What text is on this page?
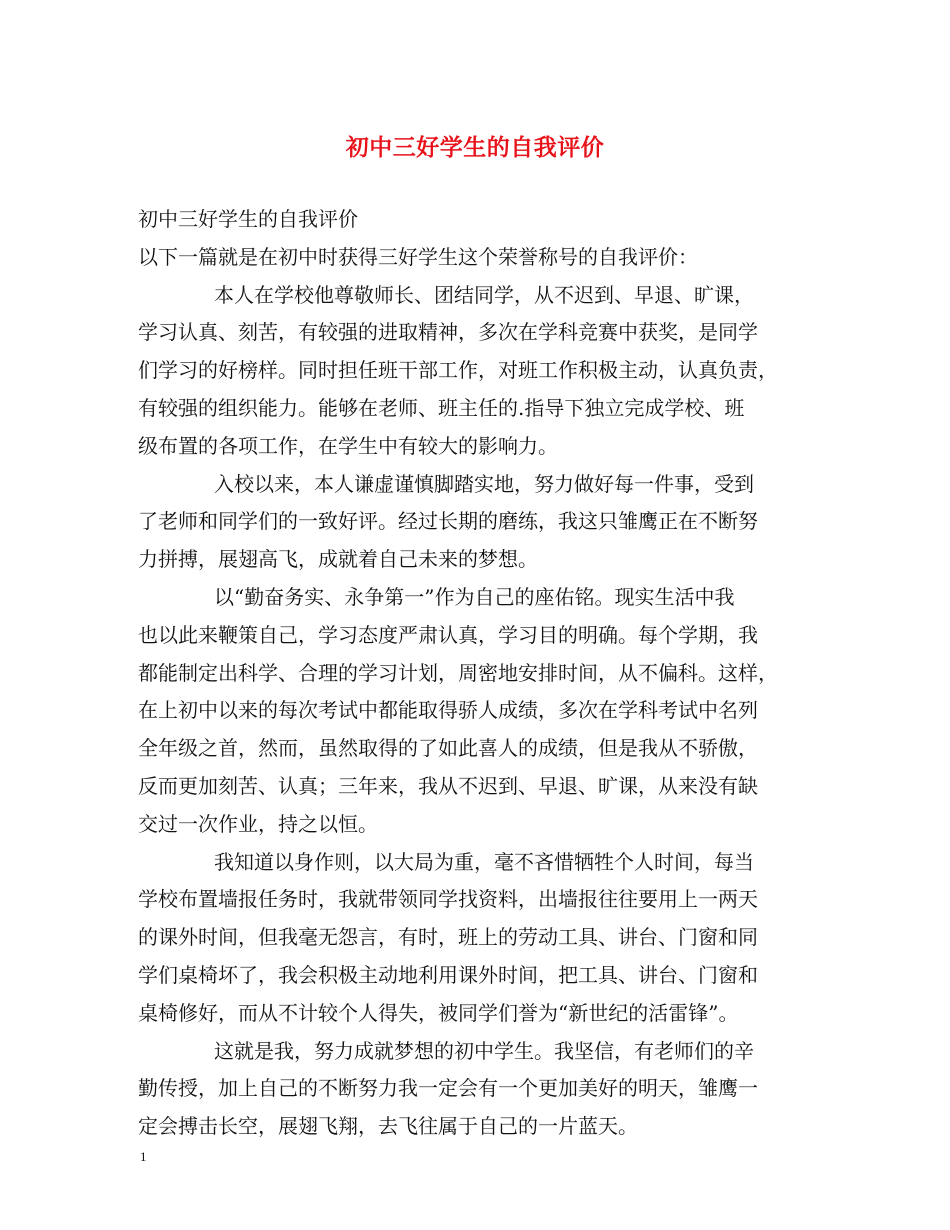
初中三好学生的自我评价
初中三好学生的自我评价
以下一篇就是在初中时获得三好学生这个荣誉称号的自我评价：
本人在学校他尊敬师长、团结同学，从不迟到、早退、旷课，
学习认真、刻苦，有较强的进取精神，多次在学科竞赛中获奖，是同学
们学习的好榜样。同时担任班干部工作，对班工作积极主动，认真负责，
有较强的组织能力。能够在老师、班主任的.指导下独立完成学校、班
级布置的各项工作，在学生中有较大的影响力。
入校以来，本人谦虚谨慎脚踏实地，努力做好每一件事，受到
了老师和同学们的一致好评。经过长期的磨练，我这只雏鹰正在不断努
力拼搏，展翅高飞，成就着自己未来的梦想。
以“勤奋务实、永争第一”作为自己的座佑铭。现实生活中我
也以此来鞭策自己，学习态度严肃认真，学习目的明确。每个学期，我
都能制定出科学、合理的学习计划，周密地安排时间，从不偏科。这样，
在上初中以来的每次考试中都能取得骄人成绩，多次在学科考试中名列
全年级之首，然而，虽然取得的了如此喜人的成绩，但是我从不骄傲，
反而更加刻苦、认真；三年来，我从不迟到、早退、旷课，从来没有缺
交过一次作业，持之以恒。
我知道以身作则，以大局为重，毫不吝惜牺牲个人时间，每当
学校布置墙报任务时，我就带领同学找资料，出墙报往往要用上一两天
的课外时间，但我毫无怨言，有时，班上的劳动工具、讲台、门窗和同
学们桌椅坏了，我会积极主动地利用课外时间，把工具、讲台、门窗和
桌椅修好，而从不计较个人得失，被同学们誉为“新世纪的活雷锋”。
这就是我，努力成就梦想的初中学生。我坚信，有老师们的辛
勤传授，加上自己的不断努力我一定会有一个更加美好的明天，雏鹰一
定会搏击长空，展翅飞翔，去飞往属于自己的一片蓝天。
1
